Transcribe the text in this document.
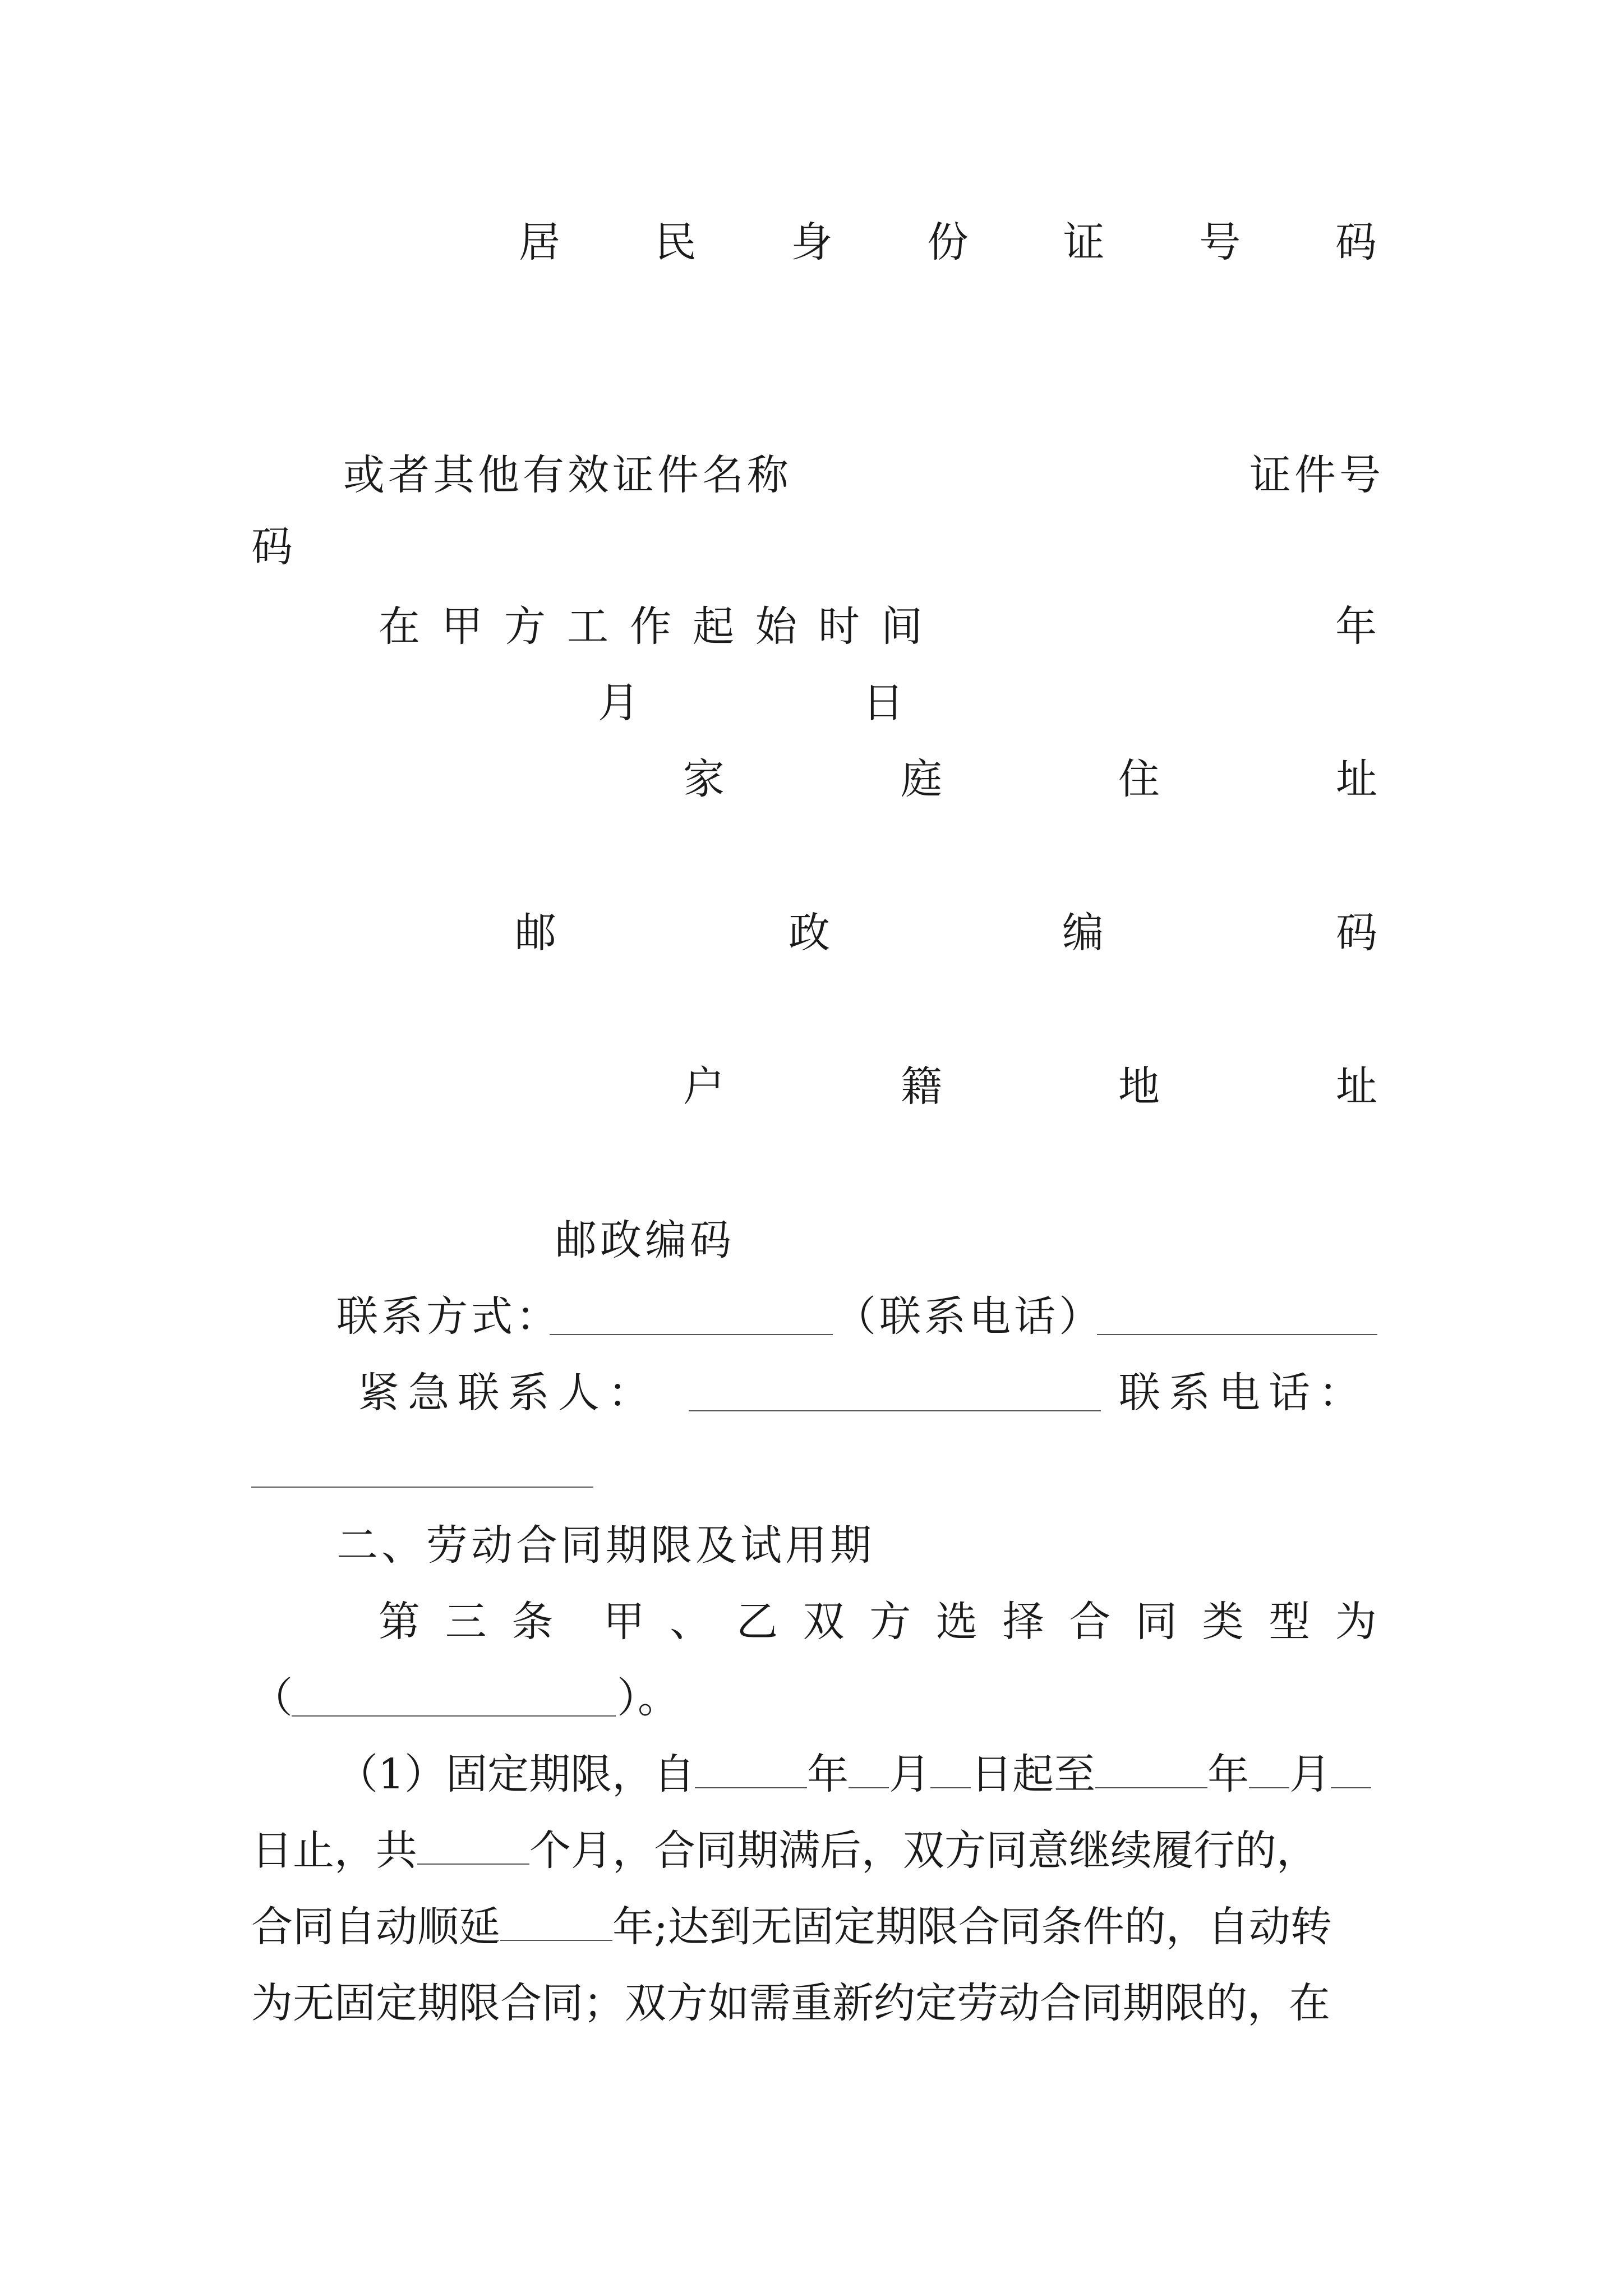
居 民 身 份 证 号 码
或者其他有效证件名称	证件号
码
在 甲 方 工 作 起 始 时 间	年
月	日
家	庭	住	址
邮	政	编	码
户	籍	地	址
邮政编码
联系方式：	（联系电话）
紧 急 联 系 人 ：	联 系 电 话 ：
二、劳动合同期限及试用期
第 三 条 甲 、 乙 双 方 选 择 合 同 类 型 为
（	）。
（1）固定期限，自	年 月 日起至	年 月
日止，共	个月，合同期满后，双方同意继续履行的，
合同自动顺延	年;达到无固定期限合同条件的，自动转
为无固定期限合同；双方如需重新约定劳动合同期限的，在
